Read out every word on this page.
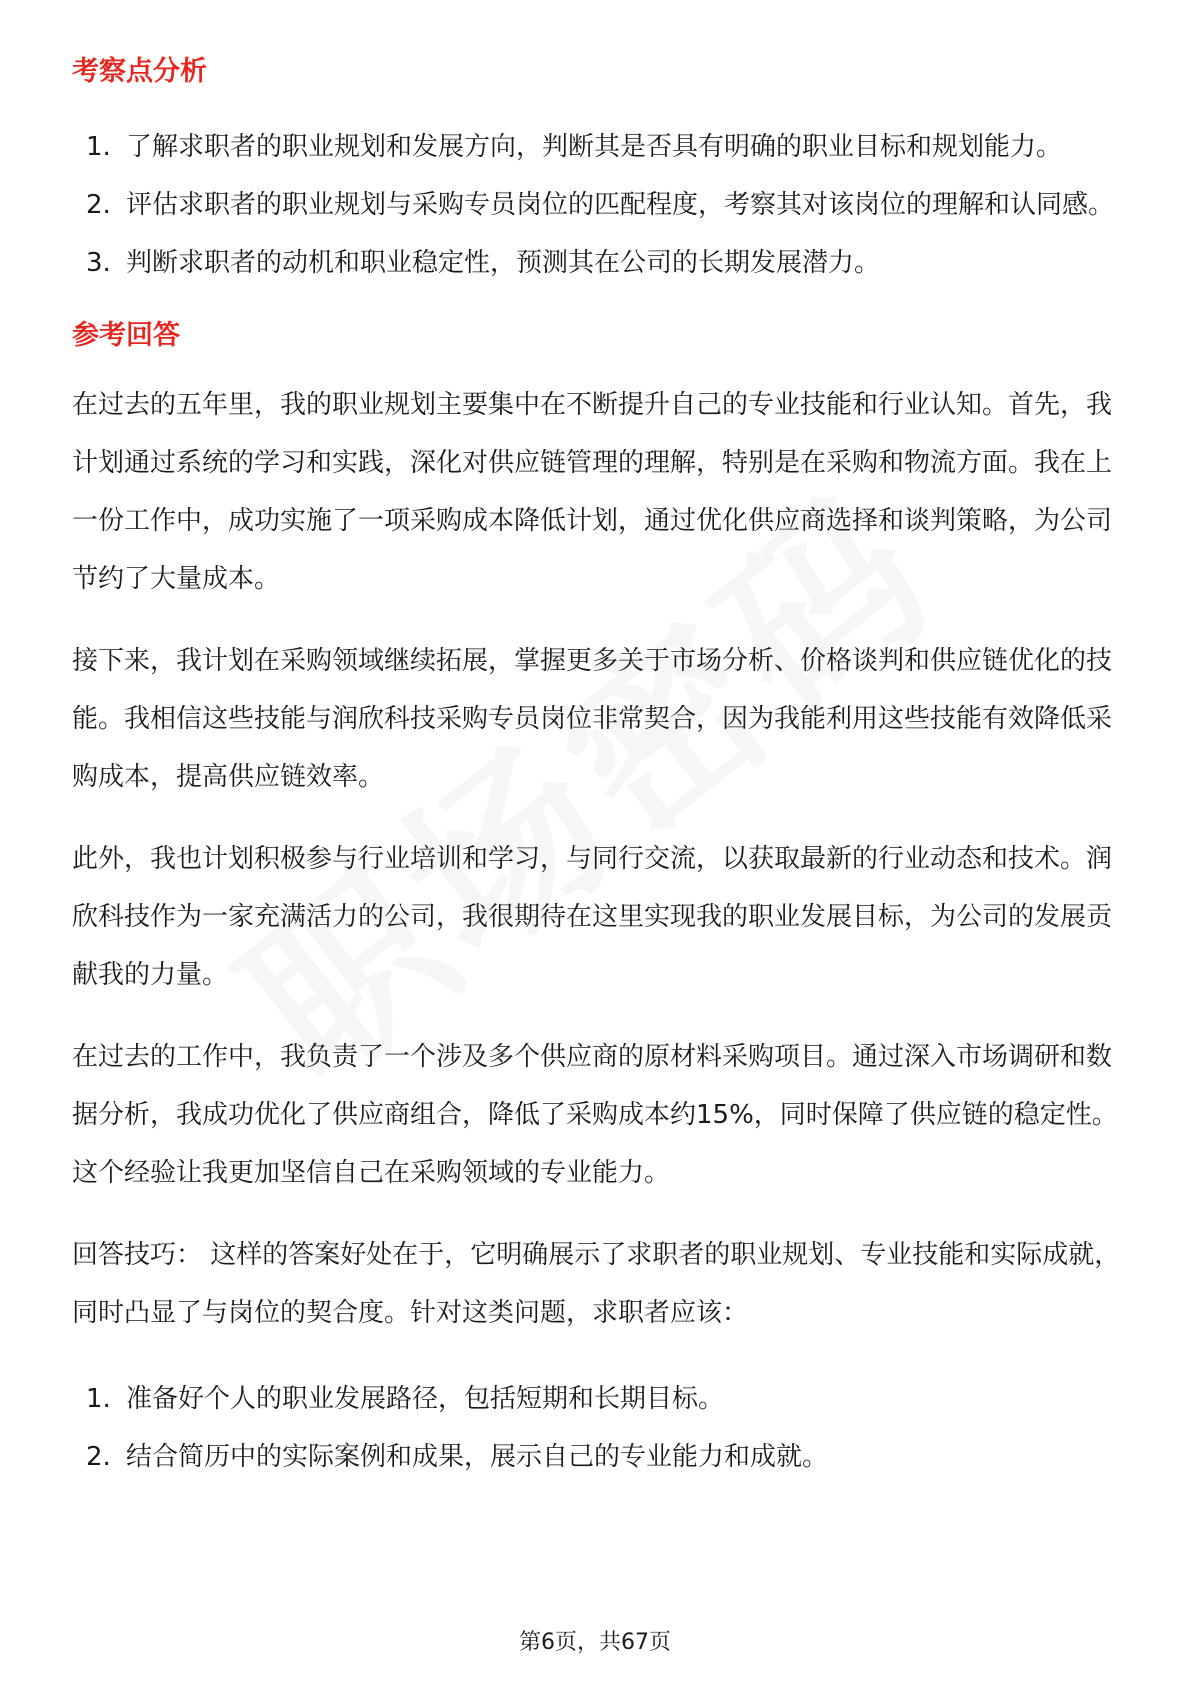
考察点分析
1. 了解求职者的职业规划和发展方向，判断其是否具有明确的职业目标和规划能力。
2. 评估求职者的职业规划与采购专员岗位的匹配程度，考察其对该岗位的理解和认同感。
3. 判断求职者的动机和职业稳定性，预测其在公司的长期发展潜力。
参考回答

在过去的五年里，我的职业规划主要集中在不断提升自己的专业技能和行业认知。首先，我计划通过系统的学习和实践，深化对供应链管理的理解，特别是在采购和物流方面。我在上一份工作中，成功实施了一项采购成本降低计划，通过优化供应商选择和谈判策略，为公司节约了大量成本。

接下来，我计划在采购领域继续拓展，掌握更多关于市场分析、价格谈判和供应链优化的技能。我相信这些技能与润欣科技采购专员岗位非常契合，因为我能利用这些技能有效降低采购成本，提高供应链效率。

此外，我也计划积极参与行业培训和学习，与同行交流，以获取最新的行业动态和技术。润欣科技作为一家充满活力的公司，我很期待在这里实现我的职业发展目标，为公司的发展贡献我的力量。

在过去的工作中，我负责了一个涉及多个供应商的原材料采购项目。通过深入市场调研和数据分析，我成功优化了供应商组合，降低了采购成本约15%，同时保障了供应链的稳定性。这个经验让我更加坚信自己在采购领域的专业能力。

回答技巧： 这样的答案好处在于，它明确展示了求职者的职业规划、专业技能和实际成就，同时凸显了与岗位的契合度。针对这类问题，求职者应该：

1. 准备好个人的职业发展路径，包括短期和长期目标。
2. 结合简历中的实际案例和成果，展示自己的专业能力和成就。
第6页，共67页
